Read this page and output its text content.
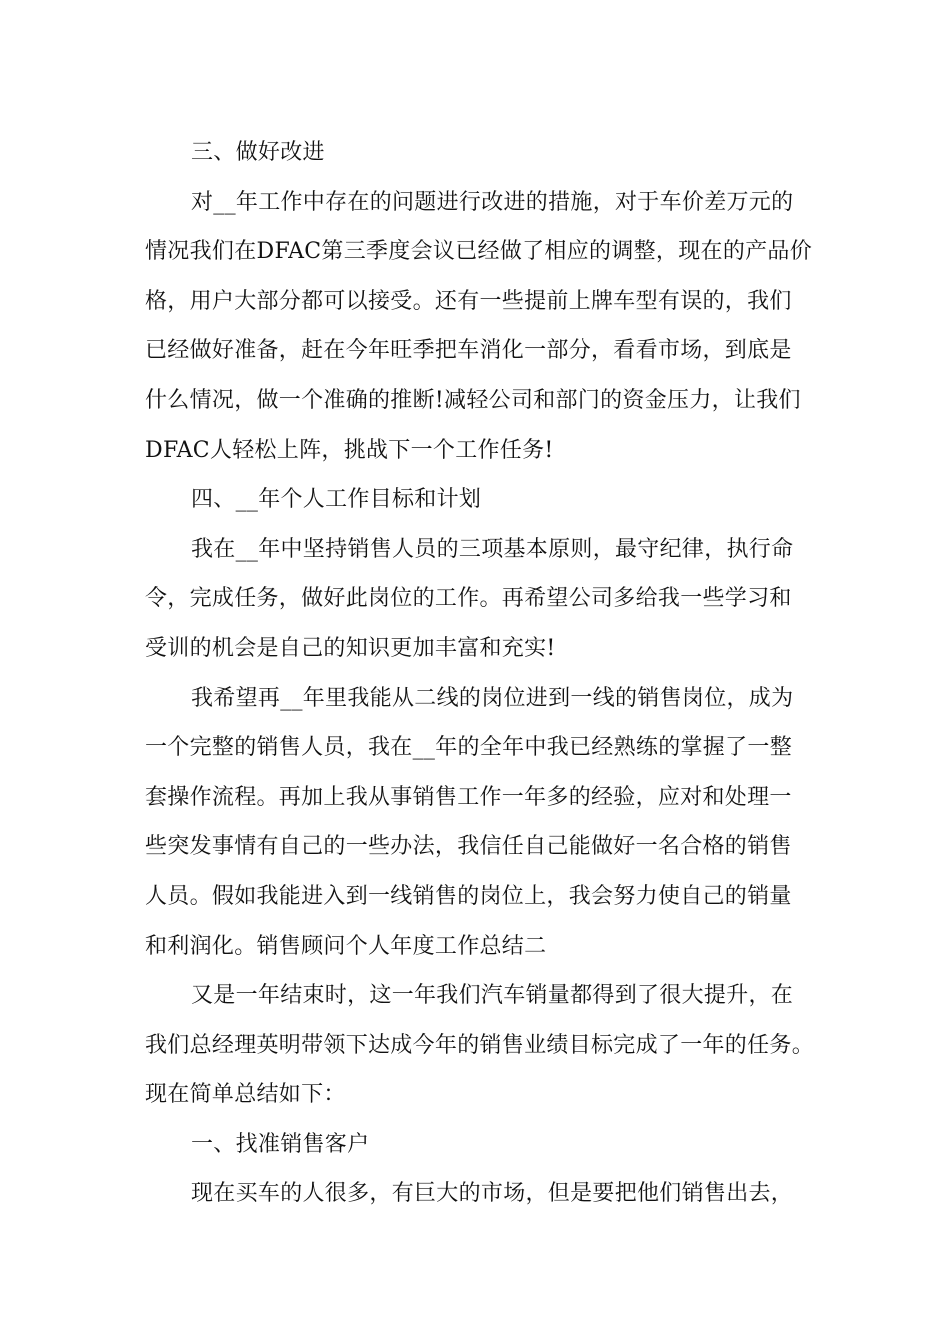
三、做好改进
对__年工作中存在的问题进行改进的措施，对于车价差万元的
情况我们在DFAC第三季度会议已经做了相应的调整，现在的产品价
格，用户大部分都可以接受。还有一些提前上牌车型有误的，我们
已经做好准备，赶在今年旺季把车消化一部分，看看市场，到底是
什么情况，做一个准确的推断!减轻公司和部门的资金压力，让我们
DFAC人轻松上阵，挑战下一个工作任务!
四、__年个人工作目标和计划
我在__年中坚持销售人员的三项基本原则，最守纪律，执行命
令，完成任务，做好此岗位的工作。再希望公司多给我一些学习和
受训的机会是自己的知识更加丰富和充实!
我希望再__年里我能从二线的岗位进到一线的销售岗位，成为
一个完整的销售人员，我在__年的全年中我已经熟练的掌握了一整
套操作流程。再加上我从事销售工作一年多的经验，应对和处理一
些突发事情有自己的一些办法，我信任自己能做好一名合格的销售
人员。假如我能进入到一线销售的岗位上，我会努力使自己的销量
和利润化。销售顾问个人年度工作总结二
又是一年结束时，这一年我们汽车销量都得到了很大提升，在
我们总经理英明带领下达成今年的销售业绩目标完成了一年的任务。
现在简单总结如下：
一、找准销售客户
现在买车的人很多，有巨大的市场，但是要把他们销售出去，
